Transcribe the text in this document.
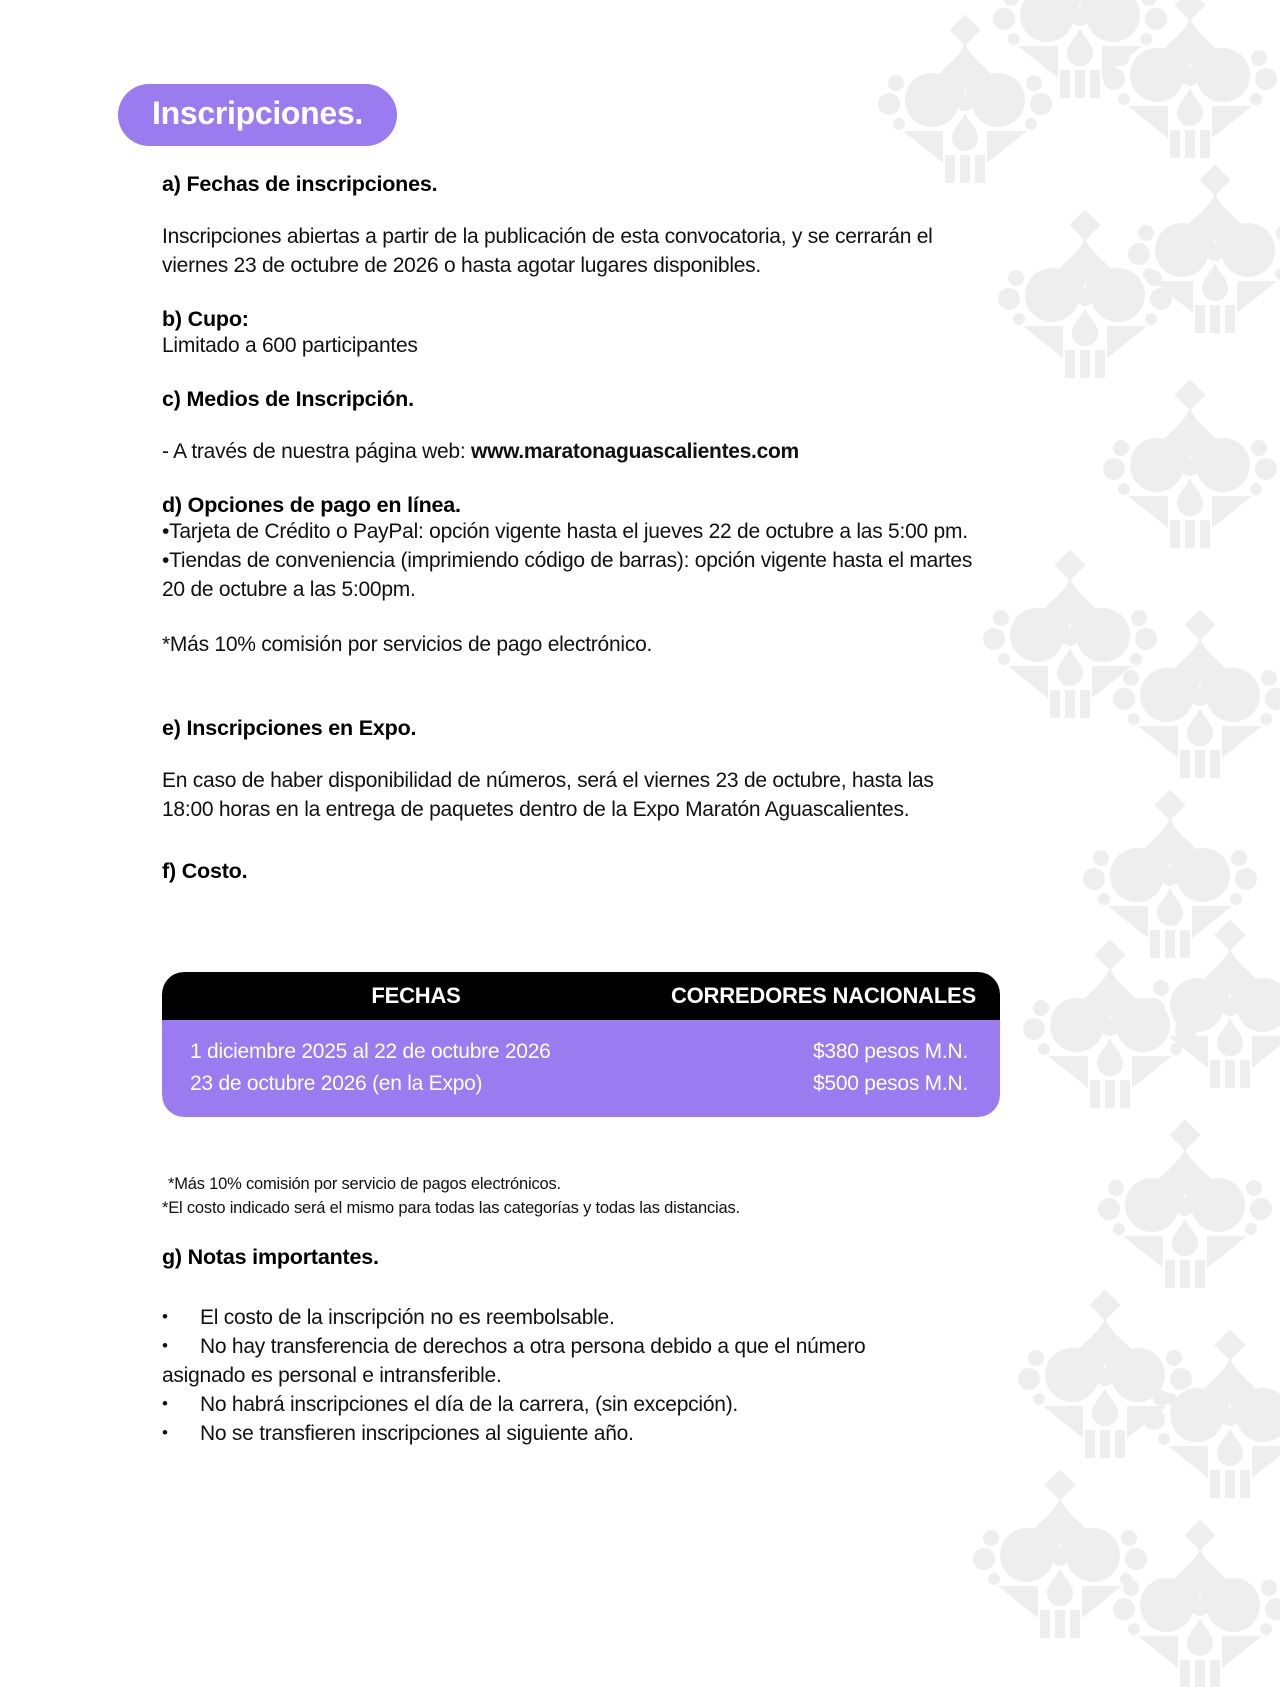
Inscripciones.
a) Fechas de inscripciones.

Inscripciones abiertas a partir de la publicación de esta convocatoria, y se cerrarán el viernes 23 de octubre de 2026 o hasta agotar lugares disponibles.

b) Cupo:

Limitado a 600 participantes

c) Medios de Inscripción.

- A través de nuestra página web: www.maratonaguascalientes.com

d) Opciones de pago en línea.

•Tarjeta de Crédito o PayPal: opción vigente hasta el jueves 22 de octubre a las 5:00 pm.

•Tiendas de conveniencia (imprimiendo código de barras): opción vigente hasta el martes 20 de octubre a las 5:00pm.

*Más 10% comisión por servicios de pago electrónico.

e) Inscripciones en Expo.

En caso de haber disponibilidad de números, será el viernes 23 de octubre, hasta las 18:00 horas en la entrega de paquetes dentro de la Expo Maratón Aguascalientes.

f) Costo.
FECHAS	CORREDORES NACIONALES
1 diciembre 2025 al 22 de octubre 2026	$380 pesos M.N.
23 de octubre 2026 (en la Expo)	$500 pesos M.N.

*Más 10% comisión por servicio de pagos electrónicos.

*El costo indicado será el mismo para todas las categorías y todas las distancias.

g) Notas importantes.
•	El costo de la inscripción no es reembolsable.
•	No hay transferencia de derechos a otra persona debido a que el número
asignado es personal e intransferible.
•	No habrá inscripciones el día de la carrera, (sin excepción).
•	No se transfieren inscripciones al siguiente año.
